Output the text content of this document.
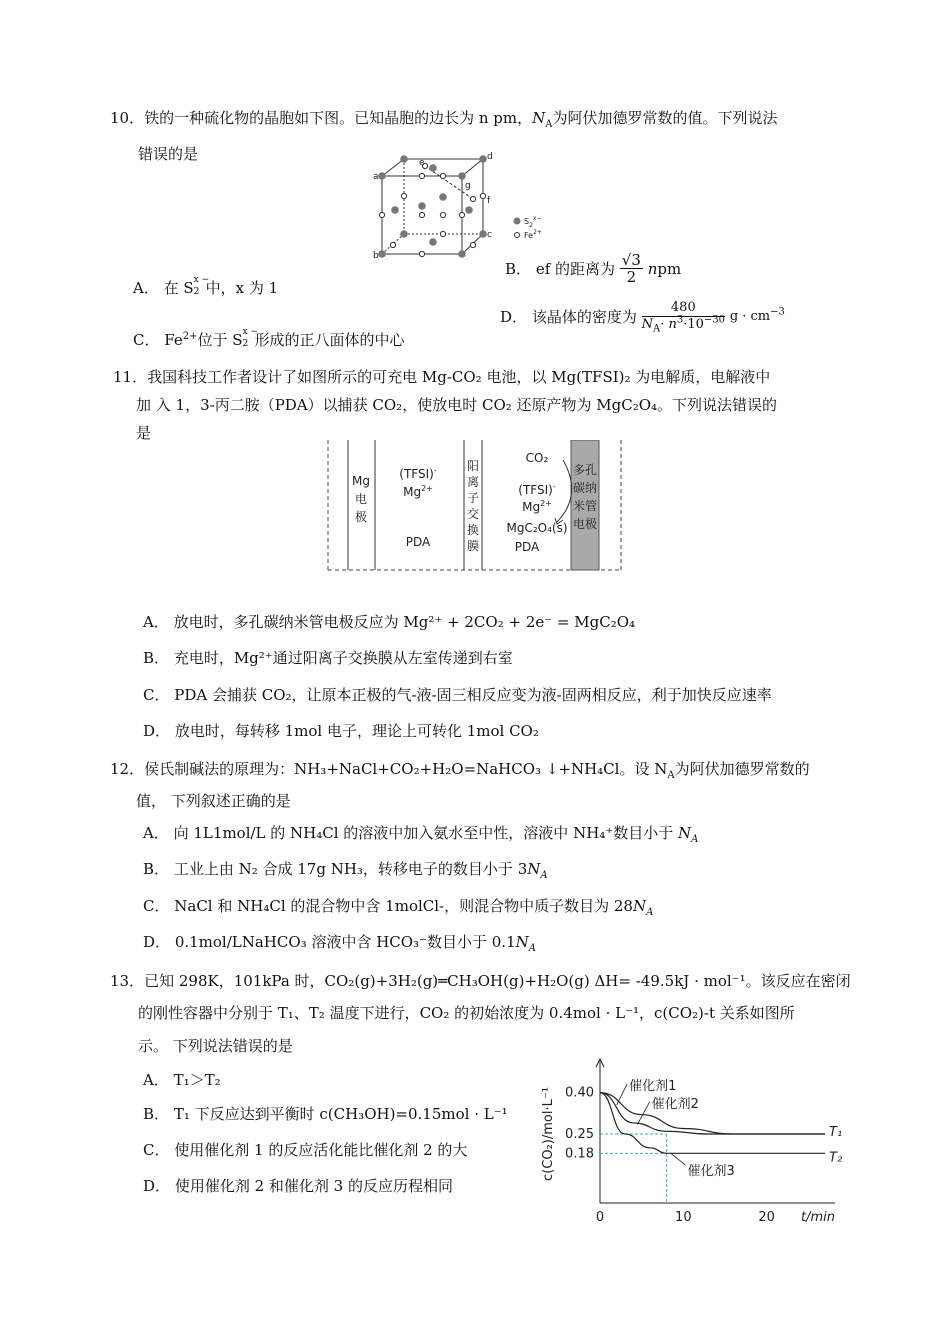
10．铁的一种硫化物的晶胞如下图。已知晶胞的边长为 n pm，$N_A$为阿伏加德罗常数的值。下列说法
错误的是
a
b
c
d
e
f
g
$S_2^{x-}$
$Fe^{2+}$
A． 在 S x −
2 中，x 为 1
B． ef 的距离为 $\frac{√3}{2}$ npm
C． $Fe^{2+}$位于 S x −
2 形成的正八面体的中心
D． 该晶体的密度为 $\frac{480}{N_A\cdot n^3\cdot 10^{-30}}$ $g \cdot cm^{-3}$
11．我国科技工作者设计了如图所示的可充电 Mg-CO₂ 电池，以 Mg(TFSI)₂ 为电解质，电解液中
加 入 1，3-丙二胺（PDA）以捕获 CO₂，使放电时 CO₂ 还原产物为 MgC₂O₄。下列说法错误的
是
Mg
电
极
(TFSI)-
$Mg^{2+}$
PDA
阳
离
子
交
换
膜
CO₂
(TFSI)-
$Mg^{2+}$
MgC₂O₄(s)
PDA
多孔
碳纳
米管
电极
A． 放电时，多孔碳纳米管电极反应为 Mg²⁺ + 2CO₂ + 2e⁻ = MgC₂O₄
B． 充电时，Mg²⁺通过阳离子交换膜从左室传递到右室
C． PDA 会捕获 CO₂，让原本正极的气-液-固三相反应变为液-固两相反应，利于加快反应速率
D． 放电时，每转移 1mol 电子，理论上可转化 1mol CO₂
12．侯氏制碱法的原理为：NH₃+NaCl+CO₂+H₂O=NaHCO₃ ↓+NH₄Cl。设 $N_A$为阿伏加德罗常数的
值， 下列叙述正确的是
A． 向 1L1mol/L 的 NH₄Cl 的溶液中加入氨水至中性，溶液中 NH₄⁺数目小于 $N_A$
B． 工业上由 N₂ 合成 17g NH₃，转移电子的数目小于 $3N_A$
C． NaCl 和 NH₄Cl 的混合物中含 1molCl-，则混合物中质子数目为 $28N_A$
D． 0.1mol/LNaHCO₃ 溶液中含 HCO₃⁻数目小于 $0.1N_A$
13．已知 298K，101kPa 时，CO₂(g)+3H₂(g)═CH₃OH(g)+H₂O(g) ΔH= -49.5kJ · mol⁻¹。该反应在密闭
的刚性容器中分别于 T₁、T₂ 温度下进行，CO₂ 的初始浓度为 0.4mol · L⁻¹，c(CO₂)-t 关系如图所
示。 下列说法错误的是
A． T₁＞T₂
B． T₁ 下反应达到平衡时 c(CH₃OH)=0.15mol · L⁻¹
C． 使用催化剂 1 的反应活化能比催化剂 2 的大
D． 使用催化剂 2 和催化剂 3 的反应历程相同
0.40
0.25
0.18
0	10	20 t/min
c(CO₂)/mol·L⁻¹
催化剂1
T₁
催化剂2
催化剂3
T₂
